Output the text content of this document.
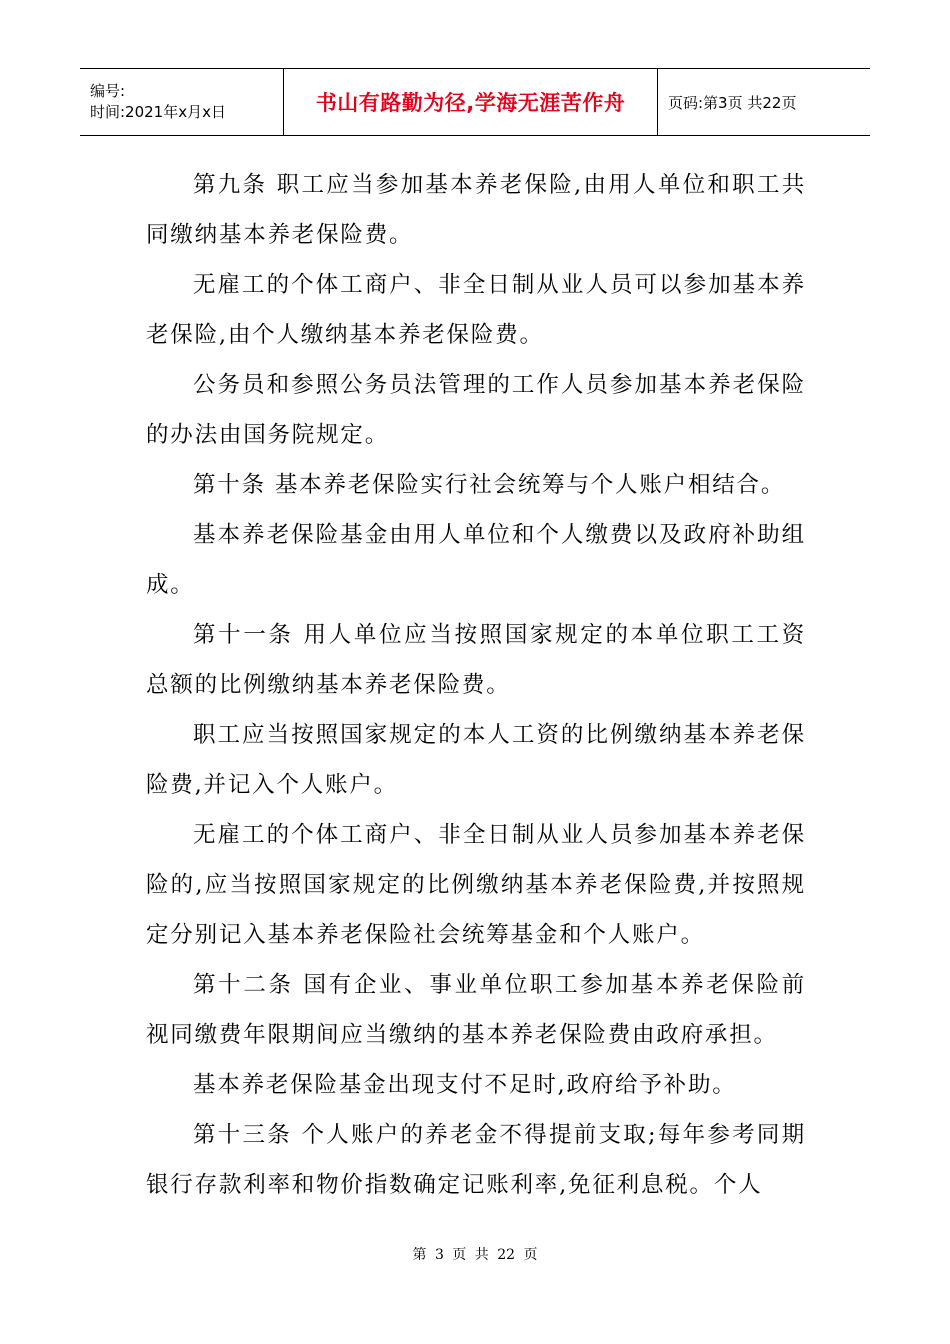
编号:
时间:2021年x月x日	书山有路勤为径,学海无涯苦作舟	页码:第3页 共22页

第九条 职工应当参加基本养老保险,由用人单位和职工共同缴纳基本养老保险费。

无雇工的个体工商户、非全日制从业人员可以参加基本养老保险,由个人缴纳基本养老保险费。

公务员和参照公务员法管理的工作人员参加基本养老保险的办法由国务院规定。

第十条 基本养老保险实行社会统筹与个人账户相结合。

基本养老保险基金由用人单位和个人缴费以及政府补助组成。

第十一条 用人单位应当按照国家规定的本单位职工工资总额的比例缴纳基本养老保险费。

职工应当按照国家规定的本人工资的比例缴纳基本养老保险费,并记入个人账户。

无雇工的个体工商户、非全日制从业人员参加基本养老保险的,应当按照国家规定的比例缴纳基本养老保险费,并按照规定分别记入基本养老保险社会统筹基金和个人账户。

第十二条 国有企业、事业单位职工参加基本养老保险前视同缴费年限期间应当缴纳的基本养老保险费由政府承担。

基本养老保险基金出现支付不足时,政府给予补助。

第十三条 个人账户的养老金不得提前支取;每年参考同期银行存款利率和物价指数确定记账利率,免征利息税。个人

第 3 页 共 22 页
